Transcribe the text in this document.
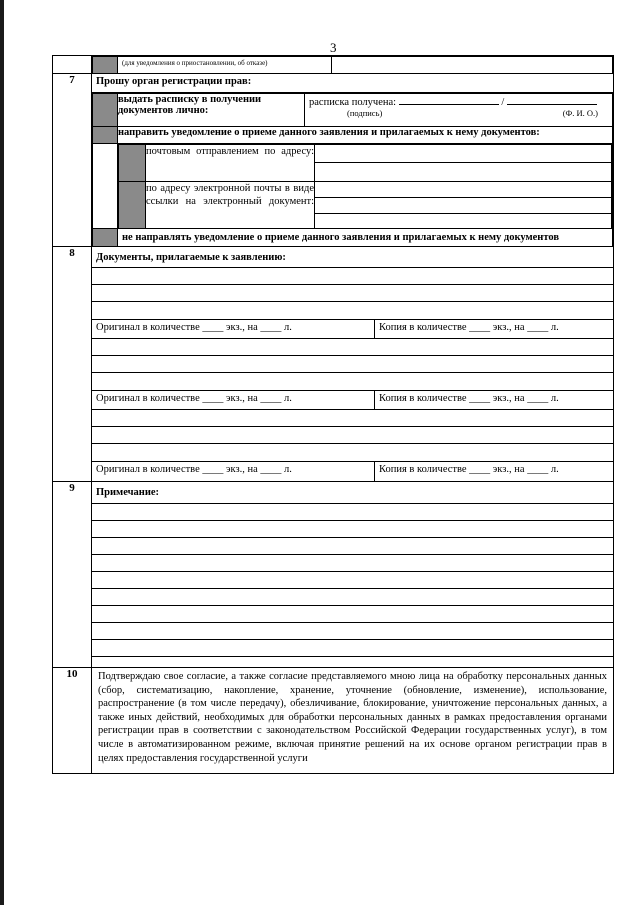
3

	(для уведомления о приостановлении, об отказе)	

7	Прошу орган регистрации прав:
	выдать расписку в получении документов лично:	
расписка получена:	/
(подпись)	(Ф. И. О.)

	направить уведомление о приеме данного заявления и прилагаемых к нему документов:

	почтовым отправлением по адресу:	

	по адресу электронной почты в виде ссылки на электронный документ:	

	не направлять уведомление о приеме данного заявления и прилагаемых к нему документов

8	Документы, прилагаемые к заявлению:
Оригинал в количестве ____ экз., на ____ л.	Копия в количестве ____ экз., на ____ л.
Оригинал в количестве ____ экз., на ____ л.	Копия в количестве ____ экз., на ____ л.
Оригинал в количестве ____ экз., на ____ л.	Копия в количестве ____ экз., на ____ л.

9	Примечание:

10	Подтверждаю свое согласие, а также согласие представляемого мною лица на обработку персональных данных (сбор, систематизацию, накопление, хранение, уточнение (обновление, изменение), использование, распространение (в том числе передачу), обезличивание, блокирование, уничтожение персональных данных, а также иных действий, необходимых для обработки персональных данных в рамках предоставления органами регистрации прав в соответствии с законодательством Российской Федерации государственных услуг), в том числе в автоматизированном режиме, включая принятие решений на их основе органом регистрации прав в целях предоставления государственной услуги
